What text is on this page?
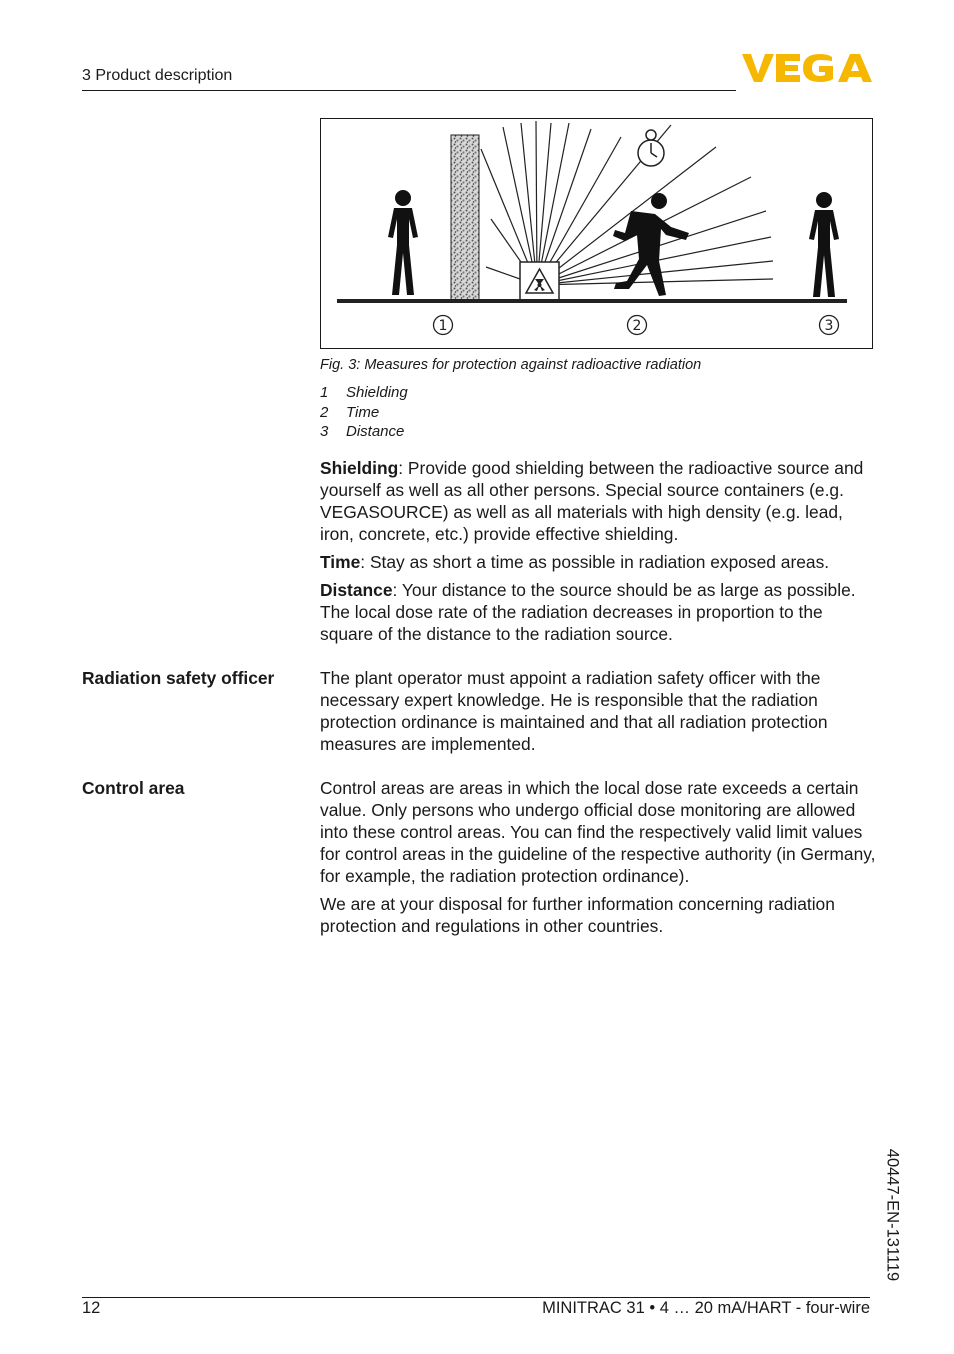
3 Product description
1	2	3
Fig. 3: Measures for protection against radioactive radiation
1 Shielding
2 Time
3 Distance

Shielding: Provide good shielding between the radioactive source and yourself as well as all other persons. Special source containers (e.g. VEGASOURCE) as well as all materials with high density (e.g. lead, iron, concrete, etc.) provide effective shielding.

Time: Stay as short a time as possible in radiation exposed areas.

Distance: Your distance to the source should be as large as possible. The local dose rate of the radiation decreases in proportion to the square of the distance to the radiation source.

Radiation safety officer	The plant operator must appoint a radiation safety officer with the necessary expert knowledge. He is responsible that the radiation protection ordinance is maintained and that all radiation protection measures are implemented.

Control area	Control areas are areas in which the local dose rate exceeds a certain value. Only persons who undergo official dose monitoring are allowed into these control areas. You can find the respectively valid limit values for control areas in the guideline of the respective authority (in Germany, for example, the radiation protection ordinance).

We are at your disposal for further information concerning radiation protection and regulations in other countries.

40447-EN-131119
12	MINITRAC 31 • 4 … 20 mA/HART - four-wire
